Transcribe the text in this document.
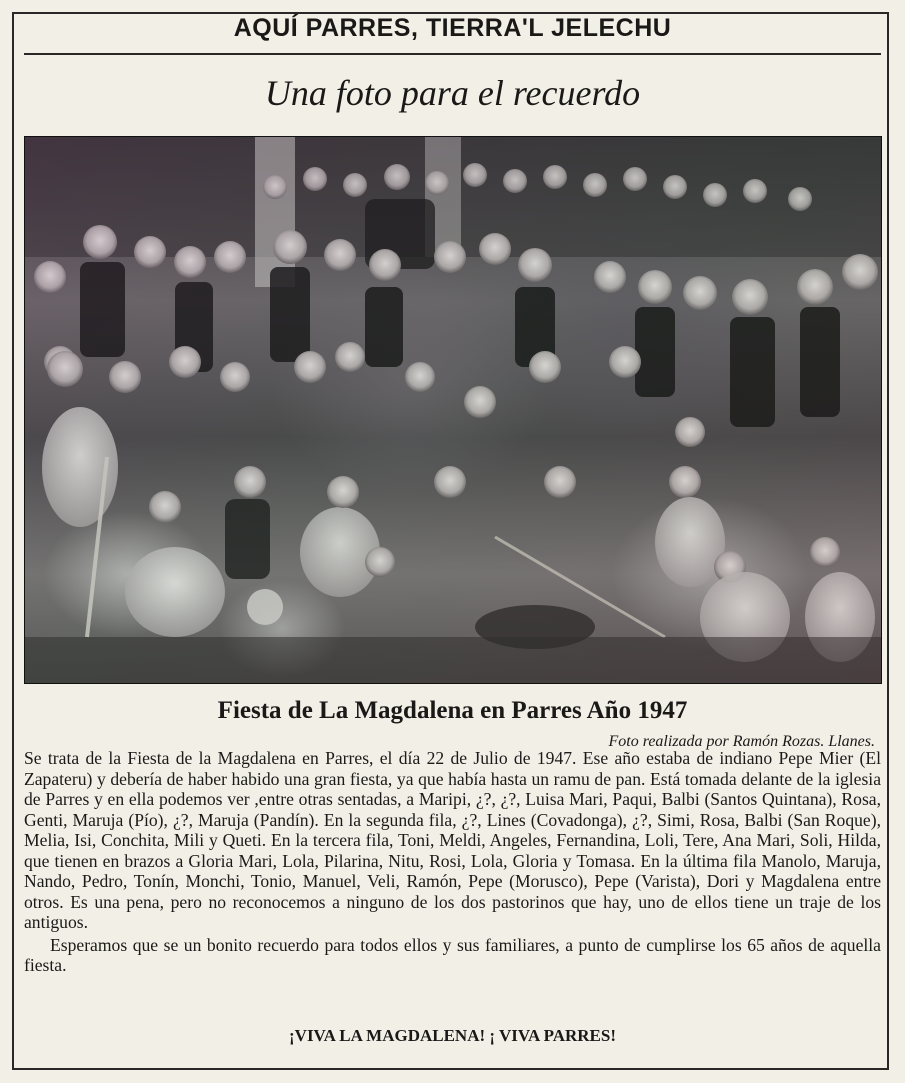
AQUÍ PARRES, TIERRA'L JELECHU
Una foto para el recuerdo
Fiesta de La Magdalena en Parres Año 1947
Foto realizada por Ramón Rozas. Llanes.

Se trata de la Fiesta de la Magdalena en Parres, el día 22 de Julio de 1947. Ese año estaba de indiano Pepe Mier (El Zapateru) y debería de haber habido una gran fiesta, ya que había hasta un ramu de pan. Está tomada delante de la iglesia de Parres y en ella podemos ver ,entre otras sentadas, a Maripi, ¿?, ¿?, Luisa Mari, Paqui, Balbi (Santos Quintana), Rosa, Genti, Maruja (Pío), ¿?, Maruja (Pandín). En la segunda fila, ¿?, Lines (Covadonga), ¿?, Simi, Rosa, Balbi (San Roque), Melia, Isi, Conchita, Mili y Queti. En la tercera fila, Toni, Meldi, Angeles, Fernandina, Loli, Tere, Ana Mari, Soli, Hilda, que tienen en brazos a Gloria Mari, Lola, Pilarina, Nitu, Rosi, Lola, Gloria y Tomasa. En la última fila Manolo, Maruja, Nando, Pedro, Tonín, Monchi, Tonio, Manuel, Veli, Ramón, Pepe (Morusco), Pepe (Varista), Dori y Magdalena entre otros. Es una pena, pero no reconocemos a ninguno de los dos pastorinos que hay, uno de ellos tiene un traje de los antiguos.

Esperamos que se un bonito recuerdo para todos ellos y sus familiares, a punto de cumplirse los 65 años de aquella fiesta.

¡VIVA LA MAGDALENA! ¡ VIVA PARRES!
